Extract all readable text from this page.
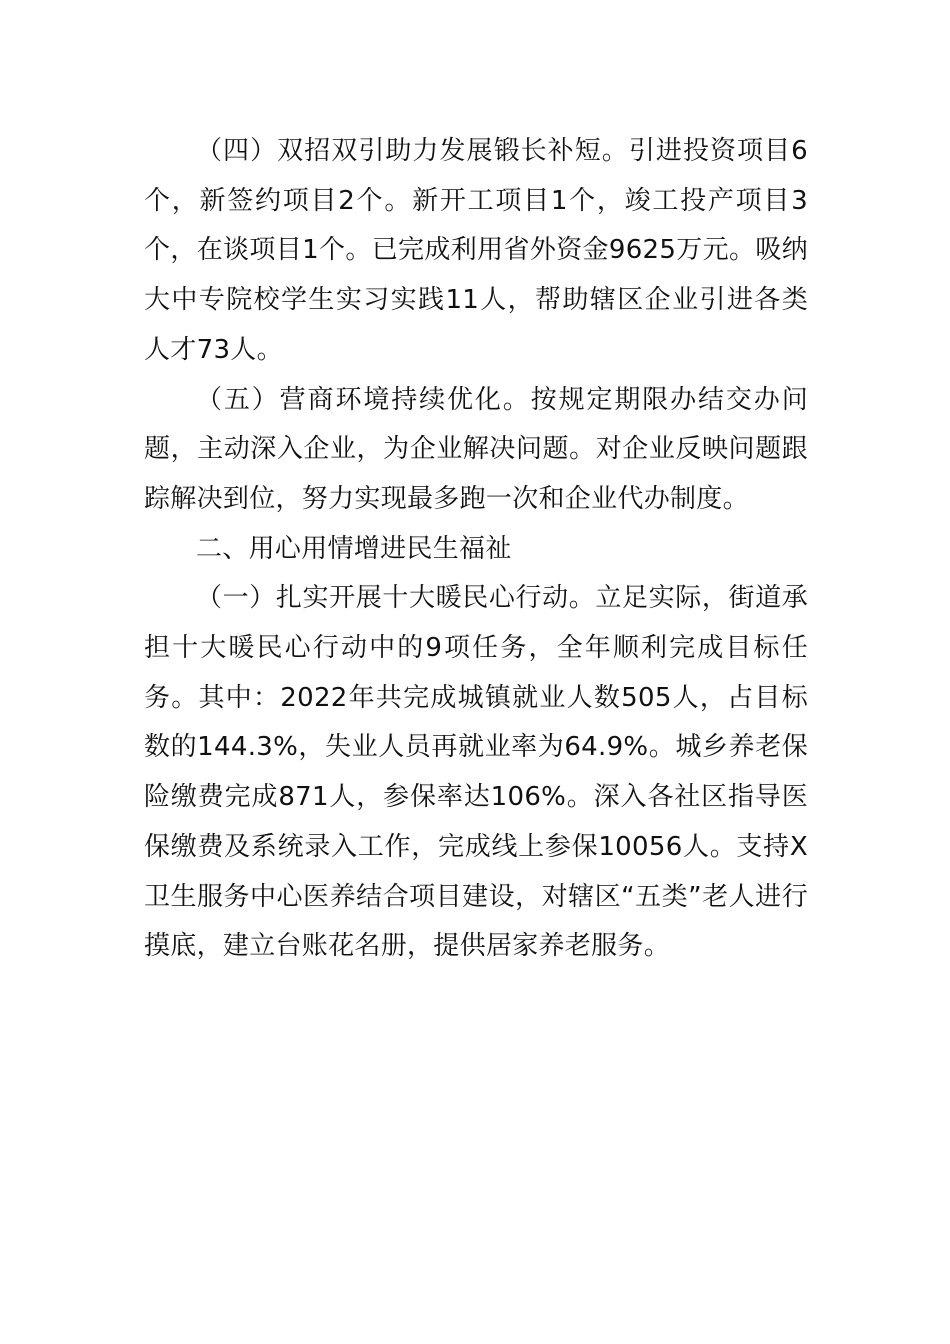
（四）双招双引助力发展锻长补短。引进投资项目6个，新签约项目2个。新开工项目1个，竣工投产项目3个，在谈项目1个。已完成利用省外资金9625万元。吸纳大中专院校学生实习实践11人，帮助辖区企业引进各类人才73人。

（五）营商环境持续优化。按规定期限办结交办问题，主动深入企业，为企业解决问题。对企业反映问题跟踪解决到位，努力实现最多跑一次和企业代办制度。

二、用心用情增进民生福祉

（一）扎实开展十大暖民心行动。立足实际，街道承担十大暖民心行动中的9项任务，全年顺利完成目标任务。其中：2022年共完成城镇就业人数505人，占目标数的144.3%，失业人员再就业率为64.9%。城乡养老保险缴费完成871人，参保率达106%。深入各社区指导医保缴费及系统录入工作，完成线上参保10056人。支持X卫生服务中心医养结合项目建设，对辖区“五类”老人进行摸底，建立台账花名册，提供居家养老服务。
